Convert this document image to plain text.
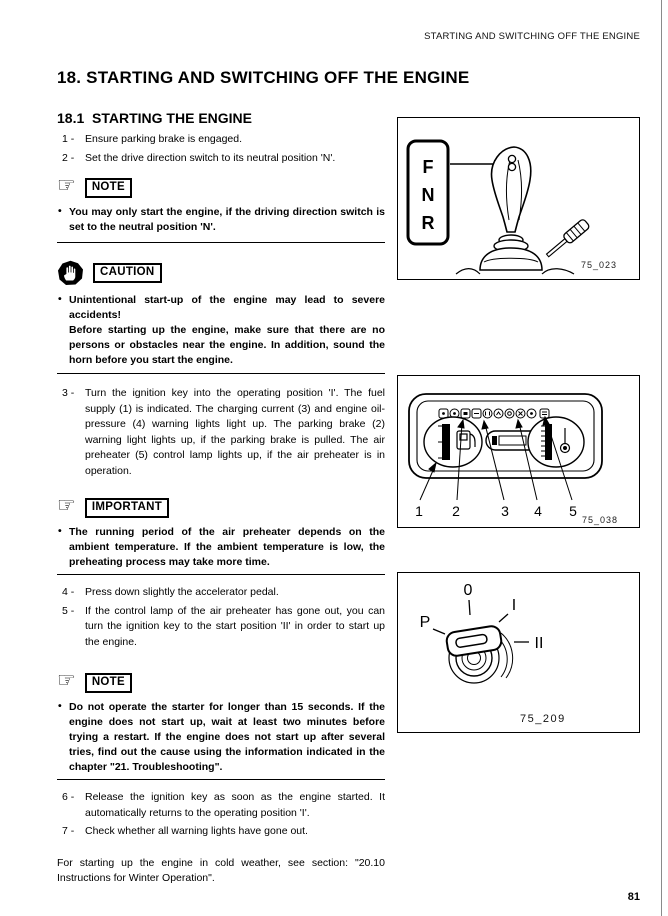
STARTING AND SWITCHING OFF THE ENGINE
18. STARTING AND SWITCHING OFF THE ENGINE
18.1  STARTING THE ENGINE
1 - Ensure parking brake is engaged.
2 - Set the drive direction switch to its neutral position 'N'.
☞	NOTE
• You may only start the engine, if the driving direction switch is set to the neutral position 'N'.
CAUTION
• Unintentional start-up of the engine may lead to severe accidents!
Before starting up the engine, make sure that there are no persons or obstacles near the engine. In addition, sound the horn before you start the engine.
3 - Turn the ignition key into the operating position 'I'. The fuel supply (1) is indicated. The charging current (3) and engine oil-pressure (4) warning lights light up. The parking brake (2) warning light lights up, if the parking brake is pulled. The air preheater (5) control lamp lights up, if the air preheater is in operation.
☞	IMPORTANT
• The running period of the air preheater depends on the ambient temperature. If the ambient temperature is low, the preheating process may take more time.
4 - Press down slightly the accelerator pedal.
5 - If the control lamp of the air preheater has gone out, you can turn the ignition key to the start position 'II' in order to start up the engine.
☞	NOTE
• Do not operate the starter for longer than 15 seconds. If the engine does not start up, wait at least two minutes before trying a restart. If the engine does not start up after several tries, find out the cause using the information indicated in the chapter "21. Troubleshooting".
6 - Release the ignition key as soon as the engine started. It automatically returns to the operating position 'I'.
7 - Check whether all warning lights have gone out.
For starting up the engine in cold weather, see section: "20.10 Instructions for Winter Operation".
F
N
R
75_023
1 2	3 4 5
75_038
P
0
I
II
75_209
81
